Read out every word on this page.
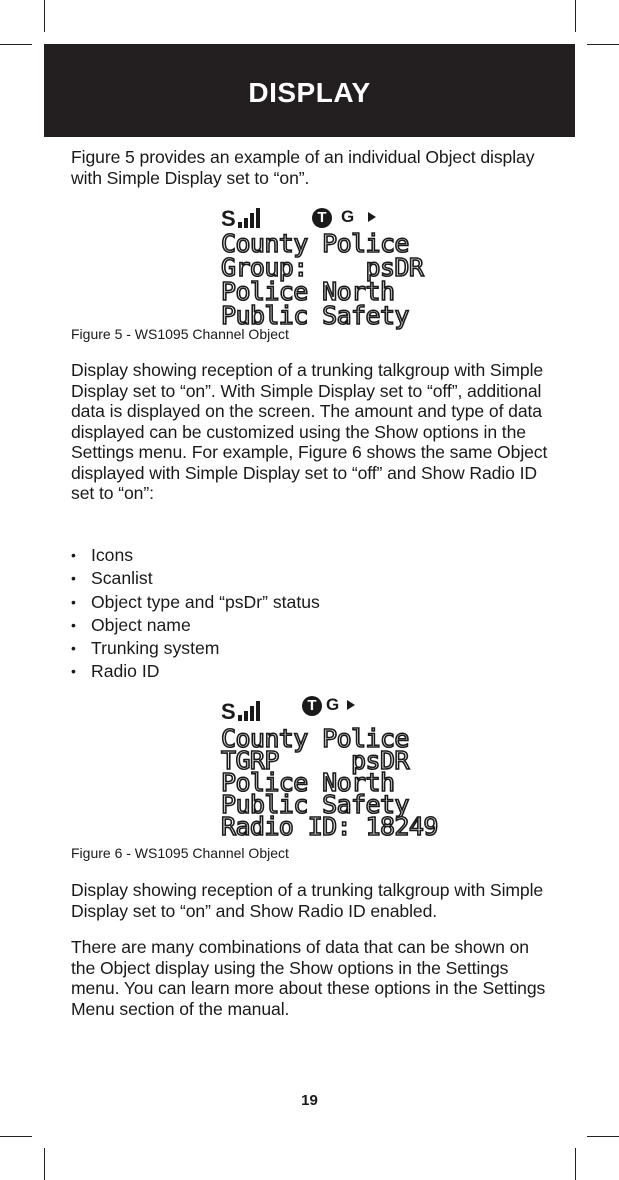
DISPLAY

Figure 5 provides an example of an individual Object display with Simple Display set to “on”.

S	T G
County Police
Group:    psDR
Police North
Public Safety
Figure 5 - WS1095 Channel Object

Display showing reception of a trunking talkgroup with Simple Display set to “on”. With Simple Display set to “off”, additional data is displayed on the screen. The amount and type of data displayed can be customized using the Show options in the Settings menu. For example, Figure 6 shows the same Object displayed with Simple Display set to “off” and Show Radio ID set to “on”:

• Icons
• Scanlist
• Object type and “psDr” status
• Object name
• Trunking system
• Radio ID
S	T G
County Police
TGRP     psDR
Police North
Public Safety
Radio ID: 18249
Figure 6 - WS1095 Channel Object

Display showing reception of a trunking talkgroup with Simple Display set to “on” and Show Radio ID enabled.

There are many combinations of data that can be shown on the Object display using the Show options in the Settings menu. You can learn more about these options in the Settings Menu section of the manual.

19
